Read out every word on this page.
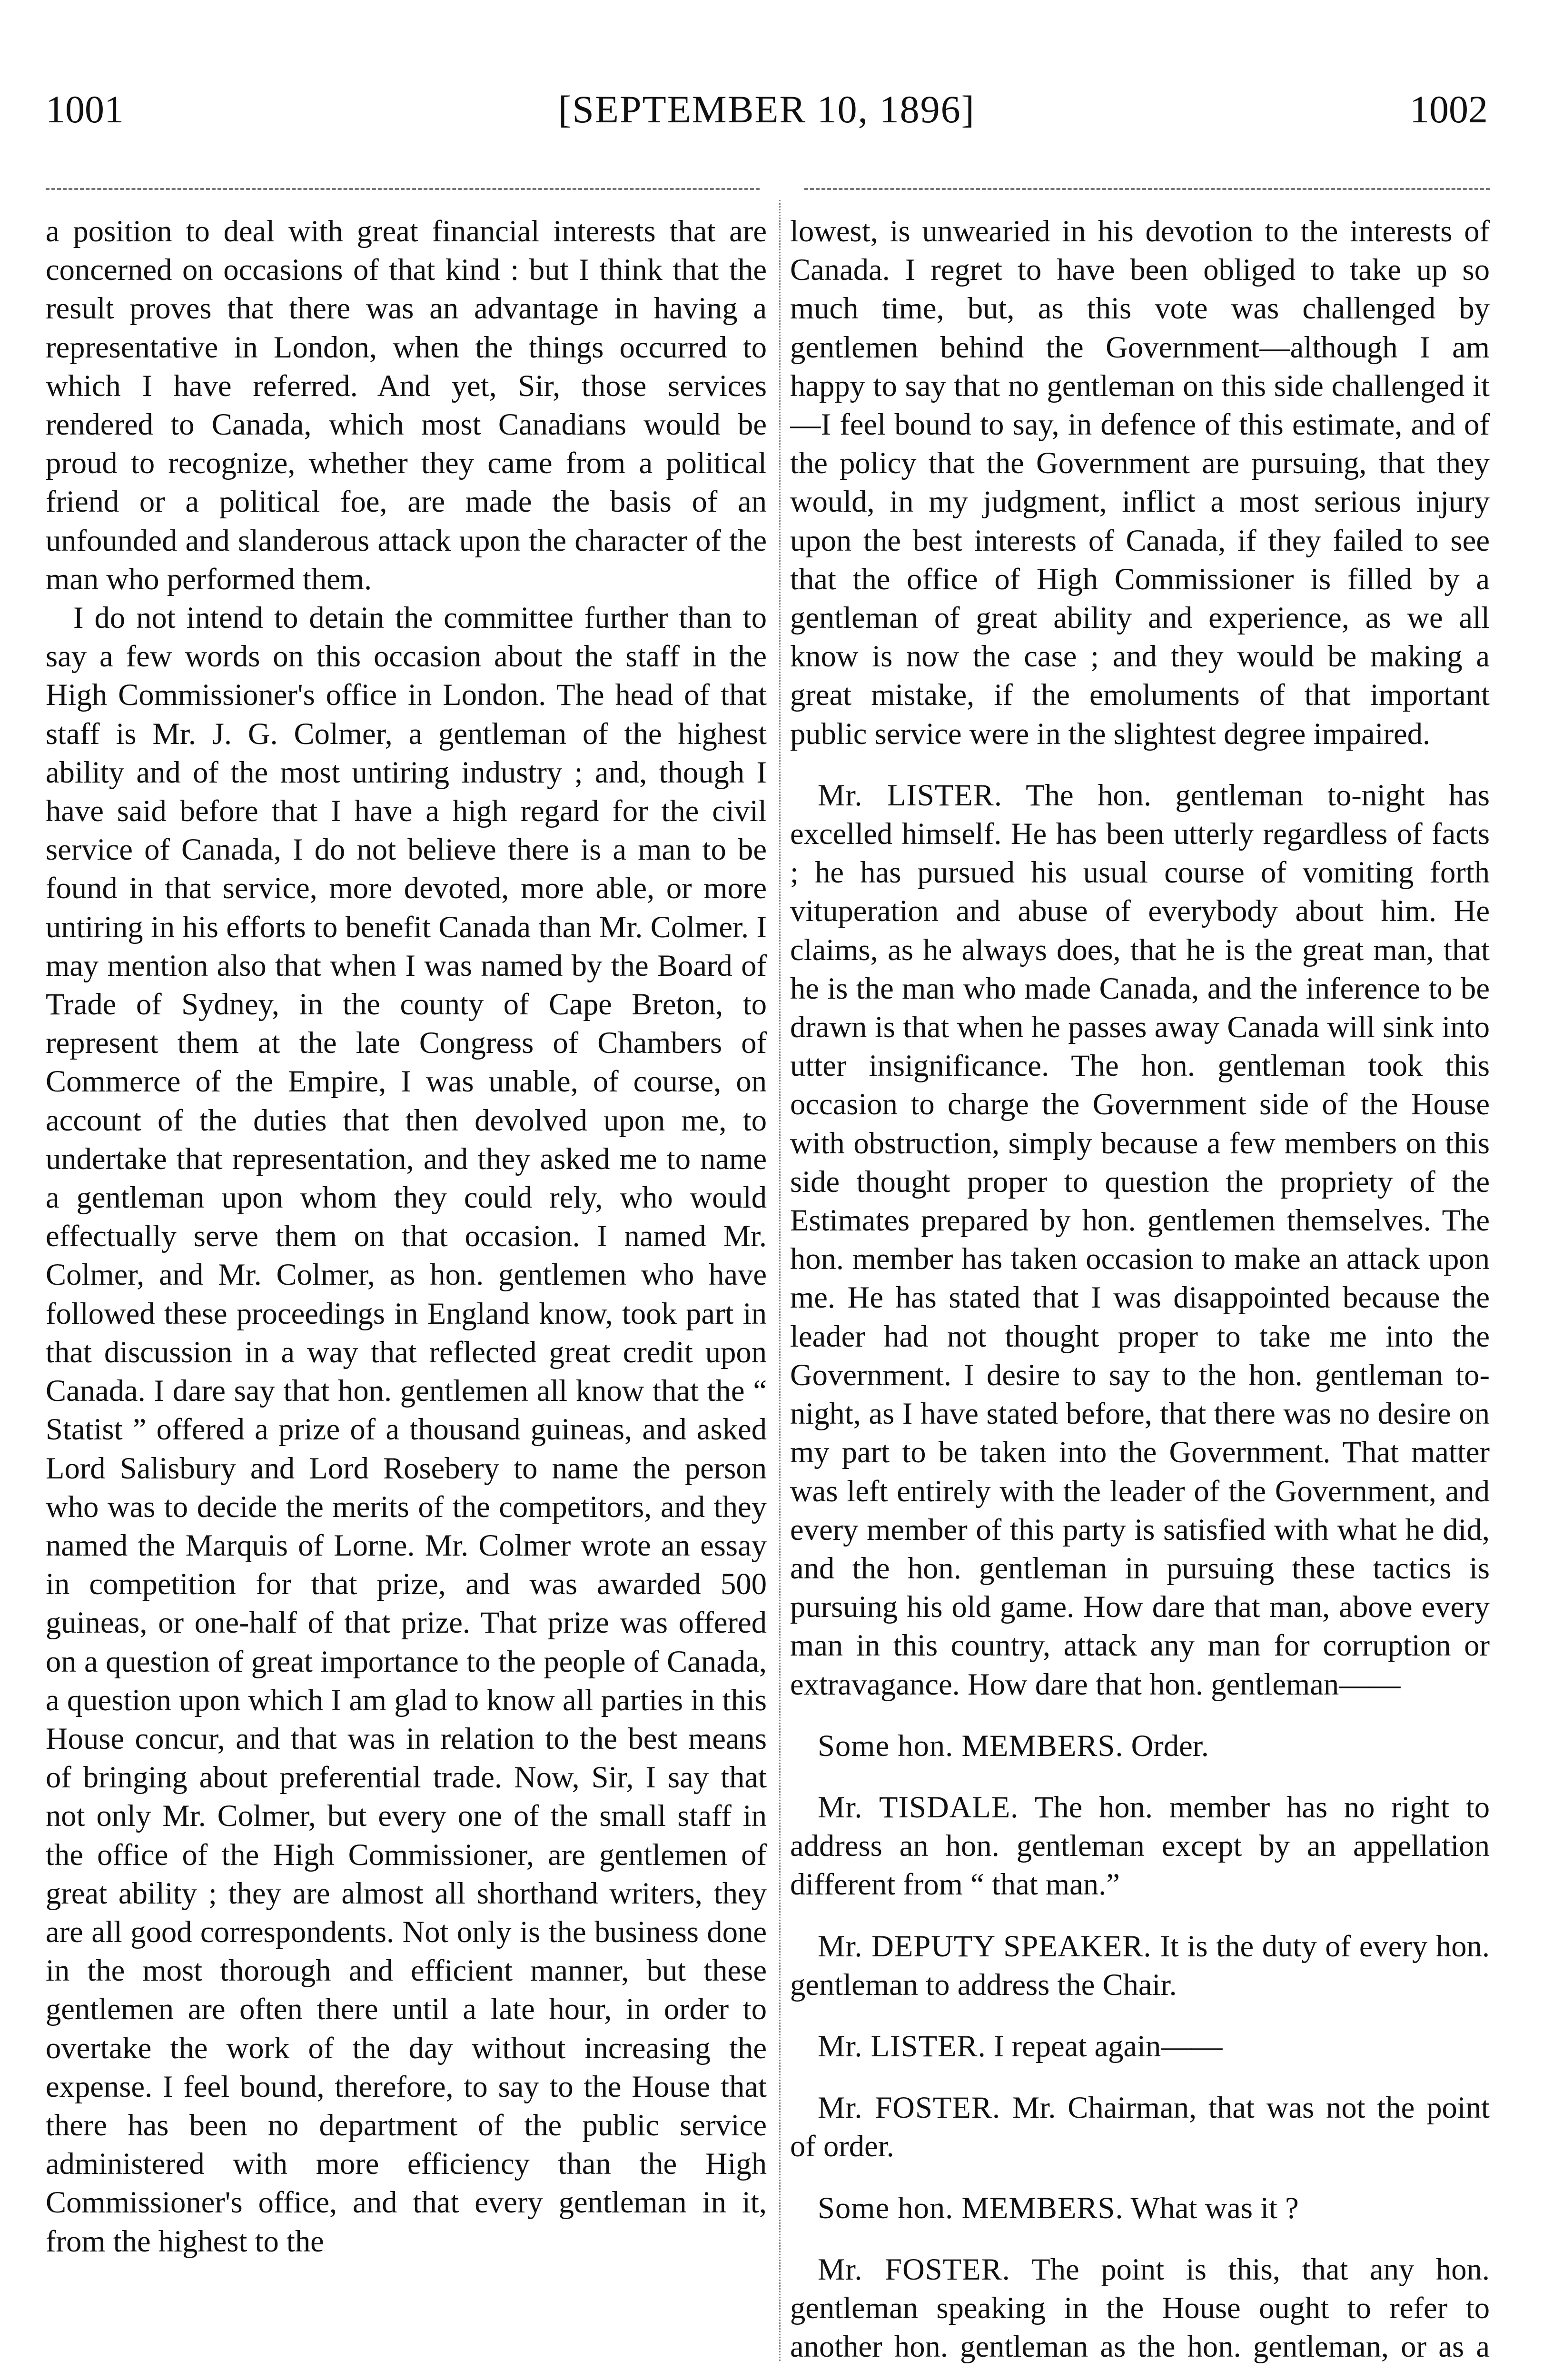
1001	[SEPTEMBER 10, 1896]	1002

a position to deal with great financial interests that are concerned on occasions of that kind : but I think that the result proves that there was an advantage in having a representative in London, when the things occurred to which I have referred. And yet, Sir, those services rendered to Canada, which most Canadians would be proud to recognize, whether they came from a political friend or a political foe, are made the basis of an unfounded and slanderous attack upon the character of the man who performed them.

I do not intend to detain the committee further than to say a few words on this occasion about the staff in the High Commissioner's office in London. The head of that staff is Mr. J. G. Colmer, a gentleman of the highest ability and of the most untiring industry ; and, though I have said before that I have a high regard for the civil service of Canada, I do not believe there is a man to be found in that service, more devoted, more able, or more untiring in his efforts to benefit Canada than Mr. Colmer. I may mention also that when I was named by the Board of Trade of Sydney, in the county of Cape Breton, to represent them at the late Congress of Chambers of Commerce of the Empire, I was unable, of course, on account of the duties that then devolved upon me, to undertake that representation, and they asked me to name a gentleman upon whom they could rely, who would effectually serve them on that occasion. I named Mr. Colmer, and Mr. Colmer, as hon. gentlemen who have followed these proceedings in England know, took part in that discussion in a way that reflected great credit upon Canada. I dare say that hon. gentlemen all know that the “ Statist ” offered a prize of a thousand guineas, and asked Lord Salisbury and Lord Rosebery to name the person who was to decide the merits of the competitors, and they named the Marquis of Lorne. Mr. Colmer wrote an essay in competition for that prize, and was awarded 500 guineas, or one-half of that prize. That prize was offered on a question of great importance to the people of Canada, a question upon which I am glad to know all parties in this House concur, and that was in relation to the best means of bringing about preferential trade. Now, Sir, I say that not only Mr. Colmer, but every one of the small staff in the office of the High Commissioner, are gentlemen of great ability ; they are almost all shorthand writers, they are all good correspondents. Not only is the business done in the most thorough and efficient manner, but these gentlemen are often there until a late hour, in order to overtake the work of the day without increasing the expense. I feel bound, therefore, to say to the House that there has been no department of the public service administered with more efficiency than the High Commissioner's office, and that every gentleman in it, from the highest to the

lowest, is unwearied in his devotion to the interests of Canada. I regret to have been obliged to take up so much time, but, as this vote was challenged by gentlemen behind the Government—although I am happy to say that no gentleman on this side challenged it—I feel bound to say, in defence of this estimate, and of the policy that the Government are pursuing, that they would, in my judgment, inflict a most serious injury upon the best interests of Canada, if they failed to see that the office of High Commissioner is filled by a gentleman of great ability and experience, as we all know is now the case ; and they would be making a great mistake, if the emoluments of that important public service were in the slightest degree impaired.

Mr. LISTER. The hon. gentleman to-night has excelled himself. He has been utterly regardless of facts ; he has pursued his usual course of vomiting forth vituperation and abuse of everybody about him. He claims, as he always does, that he is the great man, that he is the man who made Canada, and the inference to be drawn is that when he passes away Canada will sink into utter insignificance. The hon. gentleman took this occasion to charge the Government side of the House with obstruction, simply because a few members on this side thought proper to question the propriety of the Estimates prepared by hon. gentlemen themselves. The hon. member has taken occasion to make an attack upon me. He has stated that I was disappointed because the leader had not thought proper to take me into the Government. I desire to say to the hon. gentleman to-night, as I have stated before, that there was no desire on my part to be taken into the Government. That matter was left entirely with the leader of the Government, and every member of this party is satisfied with what he did, and the hon. gentleman in pursuing these tactics is pursuing his old game. How dare that man, above every man in this country, attack any man for corruption or extravagance. How dare that hon. gentleman——

Some hon. MEMBERS. Order.

Mr. TISDALE. The hon. member has no right to address an hon. gentleman except by an appellation different from “ that man.”

Mr. DEPUTY SPEAKER. It is the duty of every hon. gentleman to address the Chair.

Mr. LISTER. I repeat again——

Mr. FOSTER. Mr. Chairman, that was not the point of order.

Some hon. MEMBERS. What was it ?

Mr. FOSTER. The point is this, that any hon. gentleman speaking in the House ought to refer to another hon. gentleman as the hon. gentleman, or as a
